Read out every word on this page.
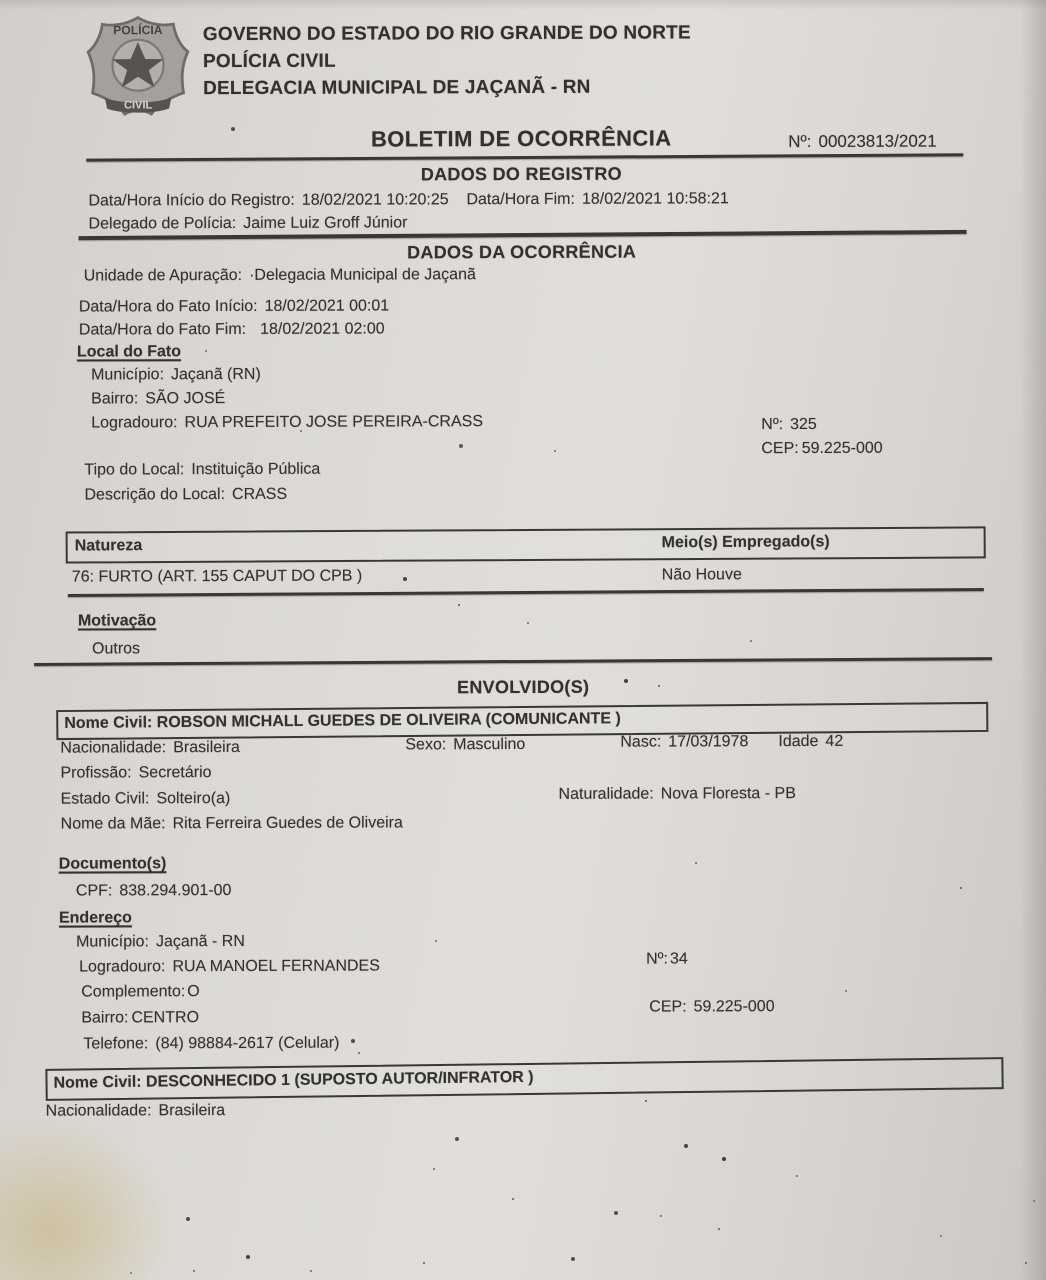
POLÍCIA
CIVIL
GOVERNO DO ESTADO DO RIO GRANDE DO NORTE
POLÍCIA CIVIL
DELEGACIA MUNICIPAL DE JAÇANÃ - RN
BOLETIM DE OCORRÊNCIA	Nº: 00023813/2021
DADOS DO REGISTRO
Data/Hora Início do Registro: 18/02/2021 10:20:25 Data/Hora Fim: 18/02/2021 10:58:21
Delegado de Polícia: Jaime Luiz Groff Júnior
DADOS DA OCORRÊNCIA
Unidade de Apuração: ·Delegacia Municipal de Jaçanã
Data/Hora do Fato Início: 18/02/2021 00:01
Data/Hora do Fato Fim: 18/02/2021 02:00
Local do Fato
Município: Jaçanã (RN)
Bairro: SÃO JOSÉ
Logradouro: RUA PREFEITO JOSE PEREIRA-CRASS	Nº: 325
CEP: 59.225-000
Tipo do Local: Instituição Pública
Descrição do Local: CRASS
Natureza	Meio(s) Empregado(s)
76: FURTO (ART. 155 CAPUT DO CPB )	Não Houve
Motivação
Outros
ENVOLVIDO(S)
Nome Civil: ROBSON MICHALL GUEDES DE OLIVEIRA (COMUNICANTE )
Nacionalidade: Brasileira	Sexo: Masculino	Nasc: 17/03/1978 Idade 42
Profissão: Secretário
Estado Civil: Solteiro(a)	Naturalidade: Nova Floresta - PB
Nome da Mãe: Rita Ferreira Guedes de Oliveira
Documento(s)
CPF: 838.294.901-00
Endereço
Município: Jaçanã - RN
Logradouro: RUA MANOEL FERNANDES	Nº: 34
Complemento: O
CEP: 59.225-000
Bairro: CENTRO
Telefone: (84) 98884-2617 (Celular)
Nome Civil: DESCONHECIDO 1 (SUPOSTO AUTOR/INFRATOR )
Nacionalidade: Brasileira
